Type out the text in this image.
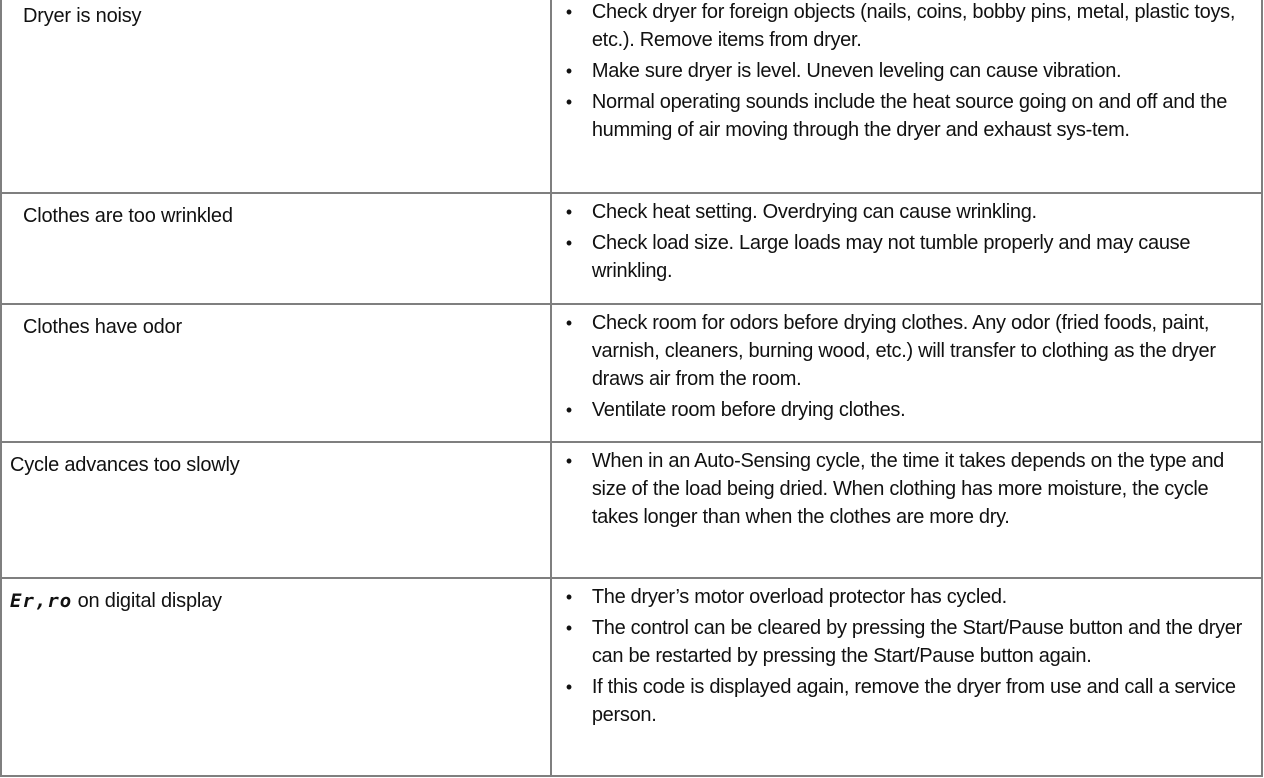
Dryer is noisy	• Check dryer for foreign objects (nails, coins, bobby pins, metal, plastic toys, etc.). Remove items from dryer.
• Make sure dryer is level. Uneven leveling can cause vibration.
• Normal operating sounds include the heat source going on and off and the humming of air moving through the dryer and exhaust sys-tem.

Clothes are too wrinkled	• Check heat setting. Overdrying can cause wrinkling.
• Check load size. Large loads may not tumble properly and may cause wrinkling.

Clothes have odor	• Check room for odors before drying clothes. Any odor (fried foods, paint, varnish, cleaners, burning wood, etc.) will transfer to clothing as the dryer draws air from the room.
• Ventilate room before drying clothes.

Cycle advances too slowly	• When in an Auto-Sensing cycle, the time it takes depends on the type and size of the load being dried. When clothing has more moisture, the cycle takes longer than when the clothes are more dry.

Er,ro on digital display	• The dryer’s motor overload protector has cycled.
• The control can be cleared by pressing the Start/Pause button and the dryer can be restarted by pressing the Start/Pause button again.
• If this code is displayed again, remove the dryer from use and call a service person.
